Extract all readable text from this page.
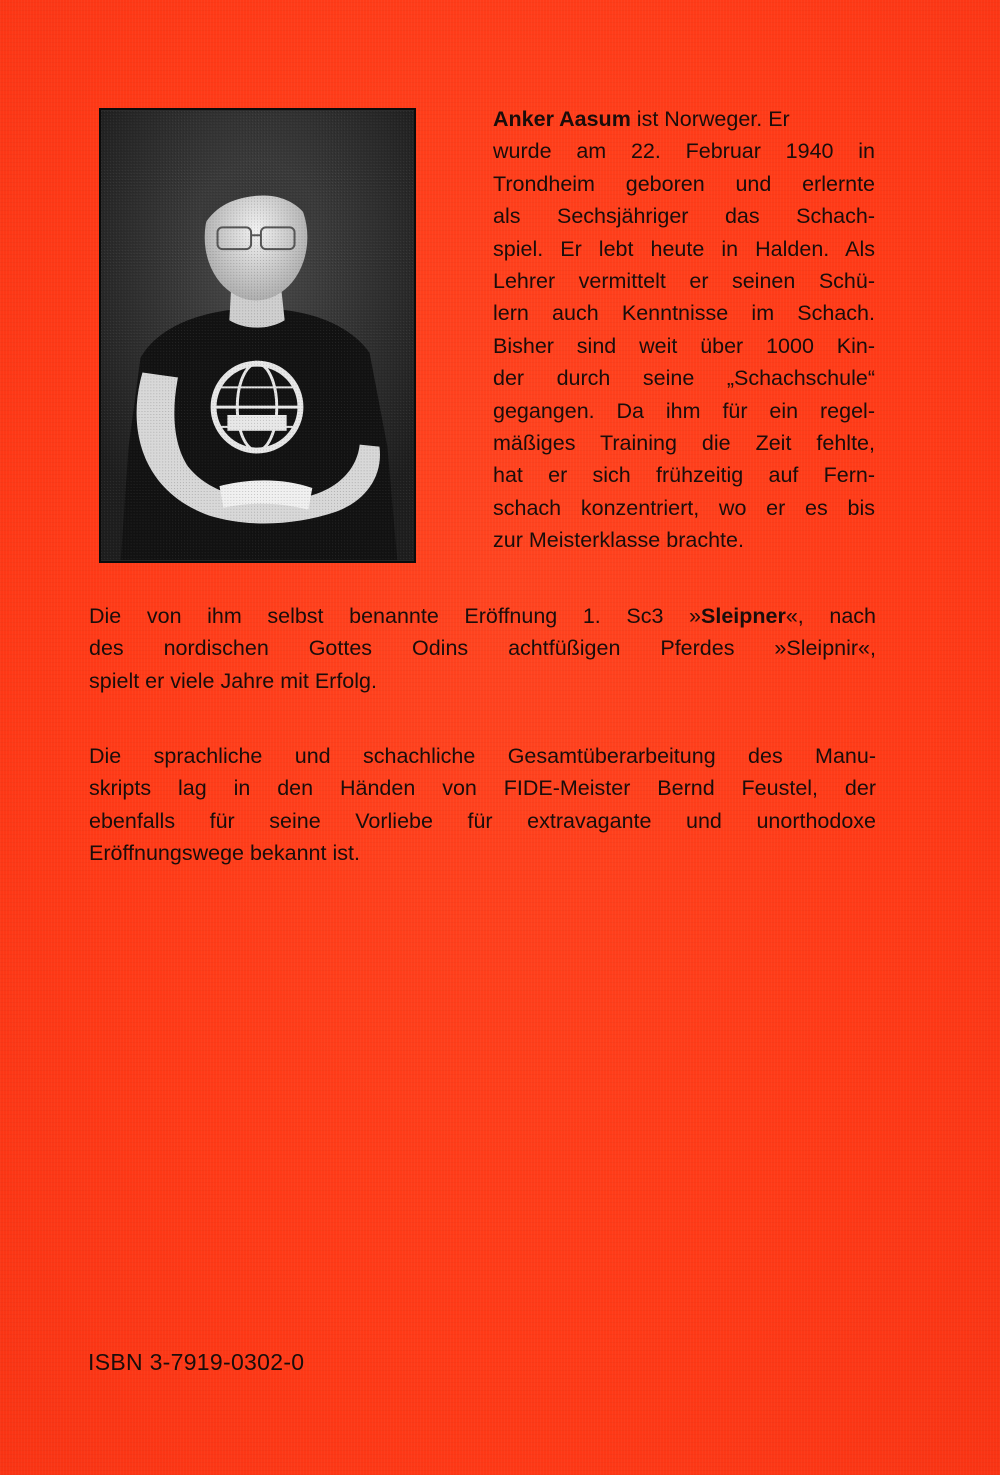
Anker Aasum ist Norweger. Er
wurde am 22. Februar 1940 in
Trondheim geboren und erlernte
als Sechsjähriger das Schach-
spiel. Er lebt heute in Halden. Als
Lehrer vermittelt er seinen Schü-
lern auch Kenntnisse im Schach.
Bisher sind weit über 1000 Kin-
der durch seine „Schachschule“
gegangen. Da ihm für ein regel-
mäßiges Training die Zeit fehlte,
hat er sich frühzeitig auf Fern-
schach konzentriert, wo er es bis
zur Meisterklasse brachte.

Die von ihm selbst benannte Eröffnung 1. Sc3 »Sleipner«, nach
des nordischen Gottes Odins achtfüßigen Pferdes »Sleipnir«,
spielt er viele Jahre mit Erfolg.

Die sprachliche und schachliche Gesamtüberarbeitung des Manu-
skripts lag in den Händen von FIDE-Meister Bernd Feustel, der
ebenfalls für seine Vorliebe für extravagante und unorthodoxe
Eröffnungswege bekannt ist.

ISBN 3-7919-0302-0
